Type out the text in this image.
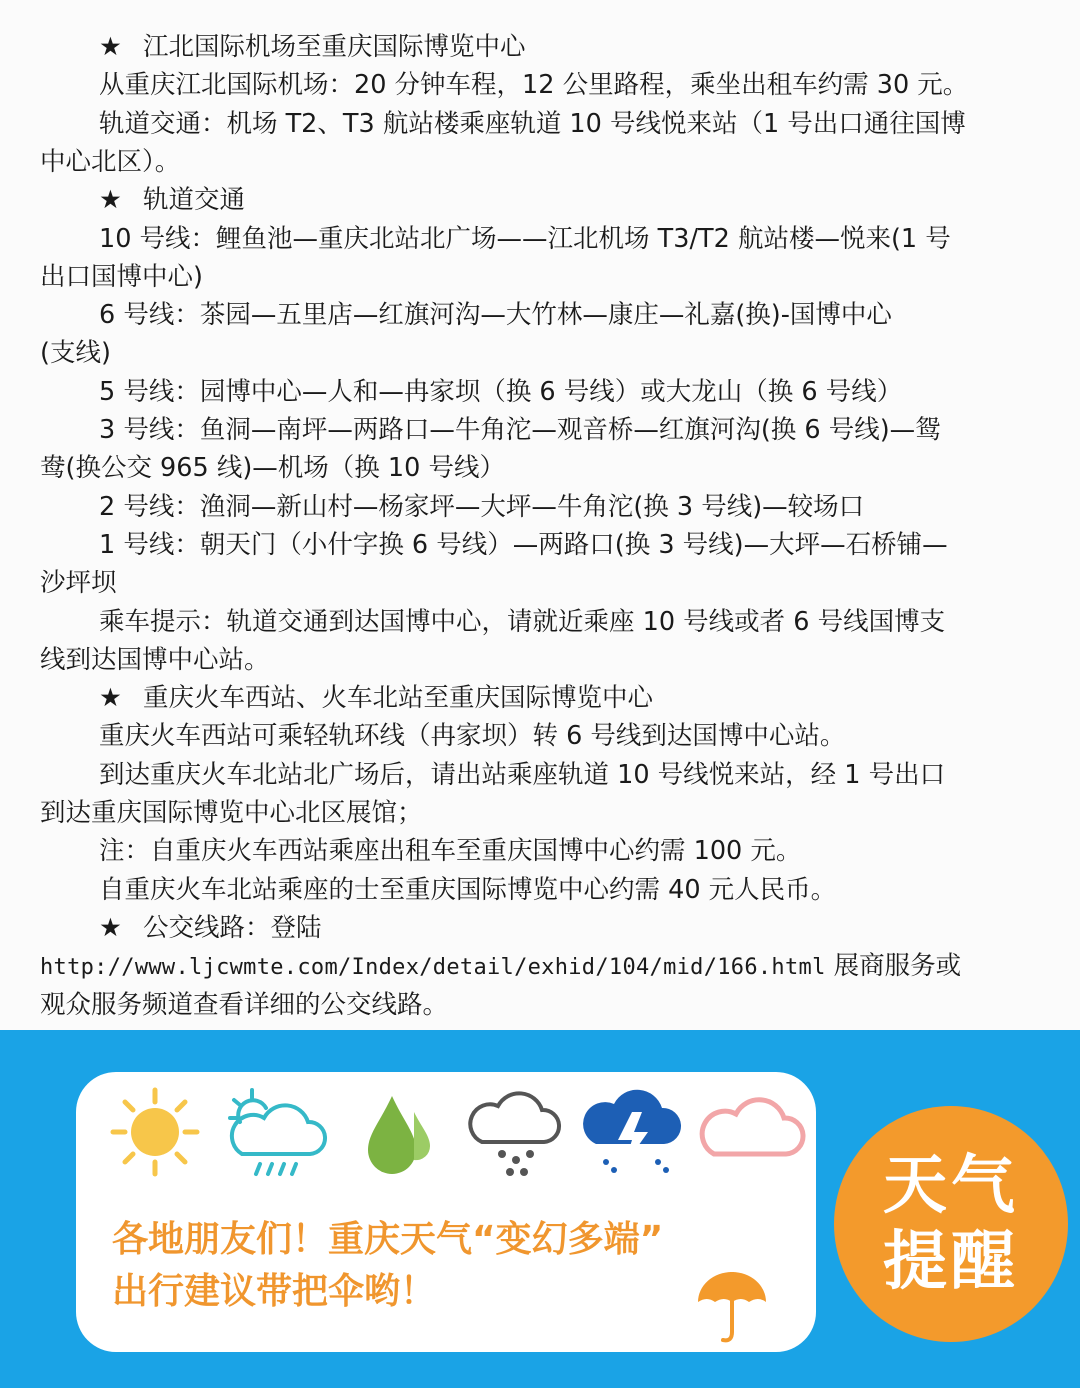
★ 江北国际机场至重庆国际博览中心
从重庆江北国际机场：20 分钟车程，12 公里路程，乘坐出租车约需 30 元。
轨道交通：机场 T2、T3 航站楼乘座轨道 10 号线悦来站（1 号出口通往国博
中心北区）。
★ 轨道交通
10 号线：鲤鱼池—重庆北站北广场——江北机场 T3/T2 航站楼—悦来(1 号
出口国博中心)
6 号线：茶园—五里店—红旗河沟—大竹林—康庄—礼嘉(换)-国博中心
(支线)
5 号线：园博中心—人和—冉家坝（换 6 号线）或大龙山（换 6 号线）
3 号线：鱼洞—南坪—两路口—牛角沱—观音桥—红旗河沟(换 6 号线)—鸳
鸯(换公交 965 线)—机场（换 10 号线）
2 号线：渔洞—新山村—杨家坪—大坪—牛角沱(换 3 号线)—较场口
1 号线：朝天门（小什字换 6 号线）—两路口(换 3 号线)—大坪—石桥铺—
沙坪坝
乘车提示：轨道交通到达国博中心，请就近乘座 10 号线或者 6 号线国博支
线到达国博中心站。
★ 重庆火车西站、火车北站至重庆国际博览中心
重庆火车西站可乘轻轨环线（冉家坝）转 6 号线到达国博中心站。
到达重庆火车北站北广场后，请出站乘座轨道 10 号线悦来站，经 1 号出口
到达重庆国际博览中心北区展馆；
注：自重庆火车西站乘座出租车至重庆国博中心约需 100 元。
自重庆火车北站乘座的士至重庆国际博览中心约需 40 元人民币。
★ 公交线路：登陆
http://www.ljcwmte.com/Index/detail/exhid/104/mid/166.html 展商服务或
观众服务频道查看详细的公交线路。
各地朋友们！重庆天气“变幻多端”
出行建议带把伞哟！
天气
提醒
